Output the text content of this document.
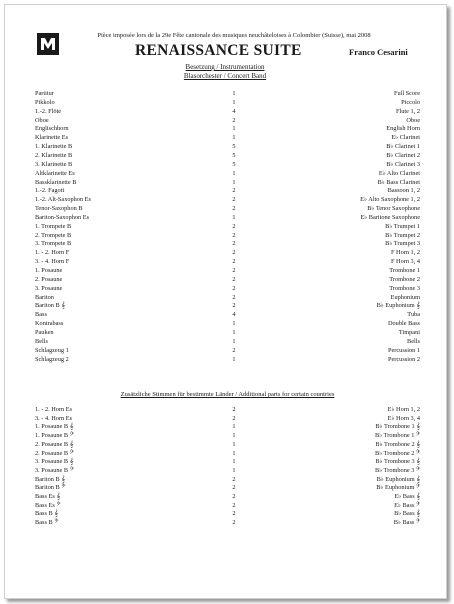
Pièce imposée lors de la 29e Fête cantonale des musiques neuchâteloises à Colombier (Suisse), mai 2008
RENAISSANCE SUITE	Franco Cesarini
Besetzung / Instrumentation
Blasorchester / Concert Band
Partitur	1	Full Score
Pikkolo	1	Piccolo
1.-2. Flöte	4	Flute 1, 2
Oboe	2	Oboe
Englischhorn	1	English Horn
Klarinette Es	1	E♭ Clarinet
1. Klarinette B	5	B♭ Clarinet 1
2. Klarinette B	5	B♭ Clarinet 2
3. Klarinette B	5	B♭ Clarinet 3
Altklarinette Es	1	E♭ Alto Clarinet
Bassklarinette B	1	B♭ Bass Clarinet
1.-2. Fagott	2	Bassoon 1, 2
1.-2. Alt-Saxophon Es	2	E♭ Alto Saxophone 1, 2
Tenor-Saxophon B	2	B♭ Tenor Saxophone
Bariton-Saxophon Es	1	E♭ Baritone Saxophone
1. Trompete B	2	B♭ Trumpet 1
2. Trompete B	2	B♭ Trumpet 2
3. Trompete B	2	B♭ Trumpet 3
1. - 2. Horn F	2	F Horn 1, 2
3. - 4. Horn F	2	F Horn 3, 4
1. Posaune	2	Trombone 1
2. Posaune	2	Trombone 2
3. Posaune	2	Trombone 3
Bariton	2	Euphonium
Bariton B 𝄞	2	B♭ Euphonium 𝄞
Bass	4	Tuba
Kontrabass	1	Double Bass
Pauken	1	Timpani
Bells	1	Bells
Schlagzeug 1	2	Percussion 1
Schlagzeug 2	1	Percussion 2
Zusätzliche Stimmen für bestimmte Länder / Additional parts for certain countries
1. - 2. Horn Es	2	E♭ Horn 1, 2
3. - 4. Horn Es	2	E♭ Horn 3, 4
1. Posaune B 𝄞	1	B♭ Trombone 1 𝄞
1. Posaune B 𝄢	1	B♭ Trombone 1 𝄢
2. Posaune B 𝄞	1	B♭ Trombone 2 𝄞
2. Posaune B 𝄢	1	B♭ Trombone 2 𝄢
3. Posaune B 𝄞	1	B♭ Trombone 3 𝄞
3. Posaune B 𝄢	1	B♭ Trombone 3 𝄢
Bariton B 𝄞	2	B♭ Euphonium 𝄞
Bariton B 𝄢	2	B♭ Euphonium 𝄢
Bass Es 𝄞	2	E♭ Bass 𝄞
Bass Es 𝄢	2	E♭ Bass 𝄢
Bass B 𝄞	2	B♭ Bass 𝄞
Bass B 𝄢	2	B♭ Bass 𝄢
